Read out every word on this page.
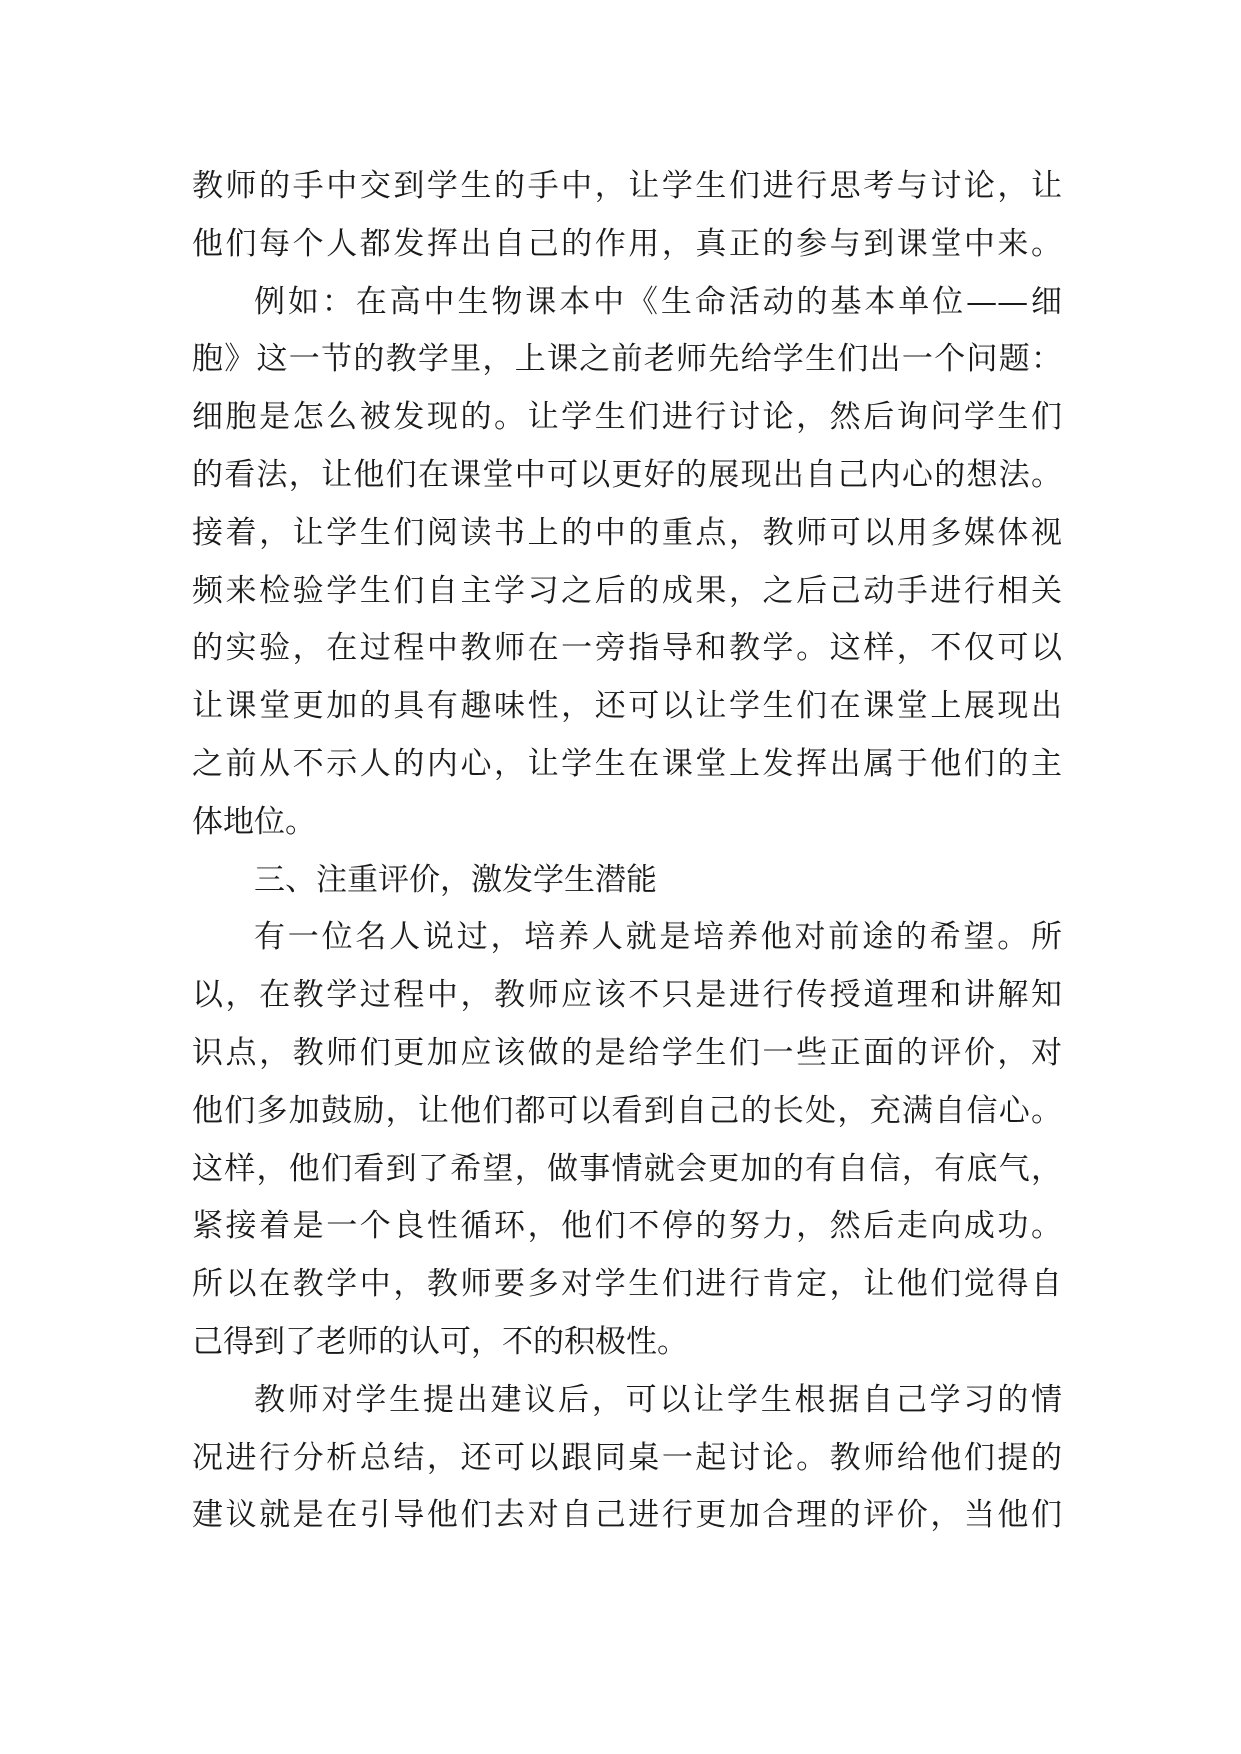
教师的手中交到学生的手中，让学生们进行思考与讨论，让
他们每个人都发挥出自己的作用，真正的参与到课堂中来。
例如：在高中生物课本中《生命活动的基本单位——细
胞》这一节的教学里，上课之前老师先给学生们出一个问题：
细胞是怎么被发现的。让学生们进行讨论，然后询问学生们
的看法，让他们在课堂中可以更好的展现出自己内心的想法。
接着，让学生们阅读书上的中的重点，教师可以用多媒体视
频来检验学生们自主学习之后的成果，之后己动手进行相关
的实验，在过程中教师在一旁指导和教学。这样，不仅可以
让课堂更加的具有趣味性，还可以让学生们在课堂上展现出
之前从不示人的内心，让学生在课堂上发挥出属于他们的主
体地位。
三、注重评价，激发学生潜能
有一位名人说过，培养人就是培养他对前途的希望。所
以，在教学过程中，教师应该不只是进行传授道理和讲解知
识点，教师们更加应该做的是给学生们一些正面的评价，对
他们多加鼓励，让他们都可以看到自己的长处，充满自信心。
这样，他们看到了希望，做事情就会更加的有自信，有底气，
紧接着是一个良性循环，他们不停的努力，然后走向成功。
所以在教学中，教师要多对学生们进行肯定，让他们觉得自
己得到了老师的认可，不的积极性。
教师对学生提出建议后，可以让学生根据自己学习的情
况进行分析总结，还可以跟同桌一起讨论。教师给他们提的
建议就是在引导他们去对自己进行更加合理的评价，当他们
